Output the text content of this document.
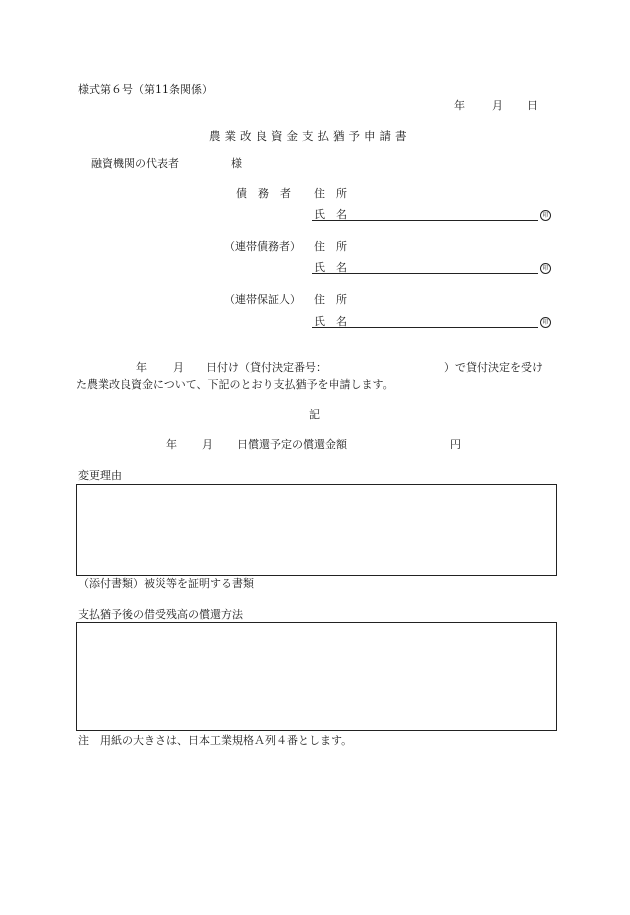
様式第６号（第11条関係）
年 月 日
農業改良資金支払猶予申請書
融資機関の代表者	様
債　務　者 住　所
氏　名	印
（連帯債務者） 住　所
氏　名	印
（連帯保証人） 住　所
氏　名	印
年 月 日付け（貸付決定番号：	）で貸付決定を受け
た農業改良資金について、下記のとおり支払猶予を申請します。
記
年 月 日償還予定の償還金額	円
変更理由
（添付書類）被災等を証明する書類
支払猶予後の借受残高の償還方法
注　用紙の大きさは、日本工業規格Ａ列４番とします。
